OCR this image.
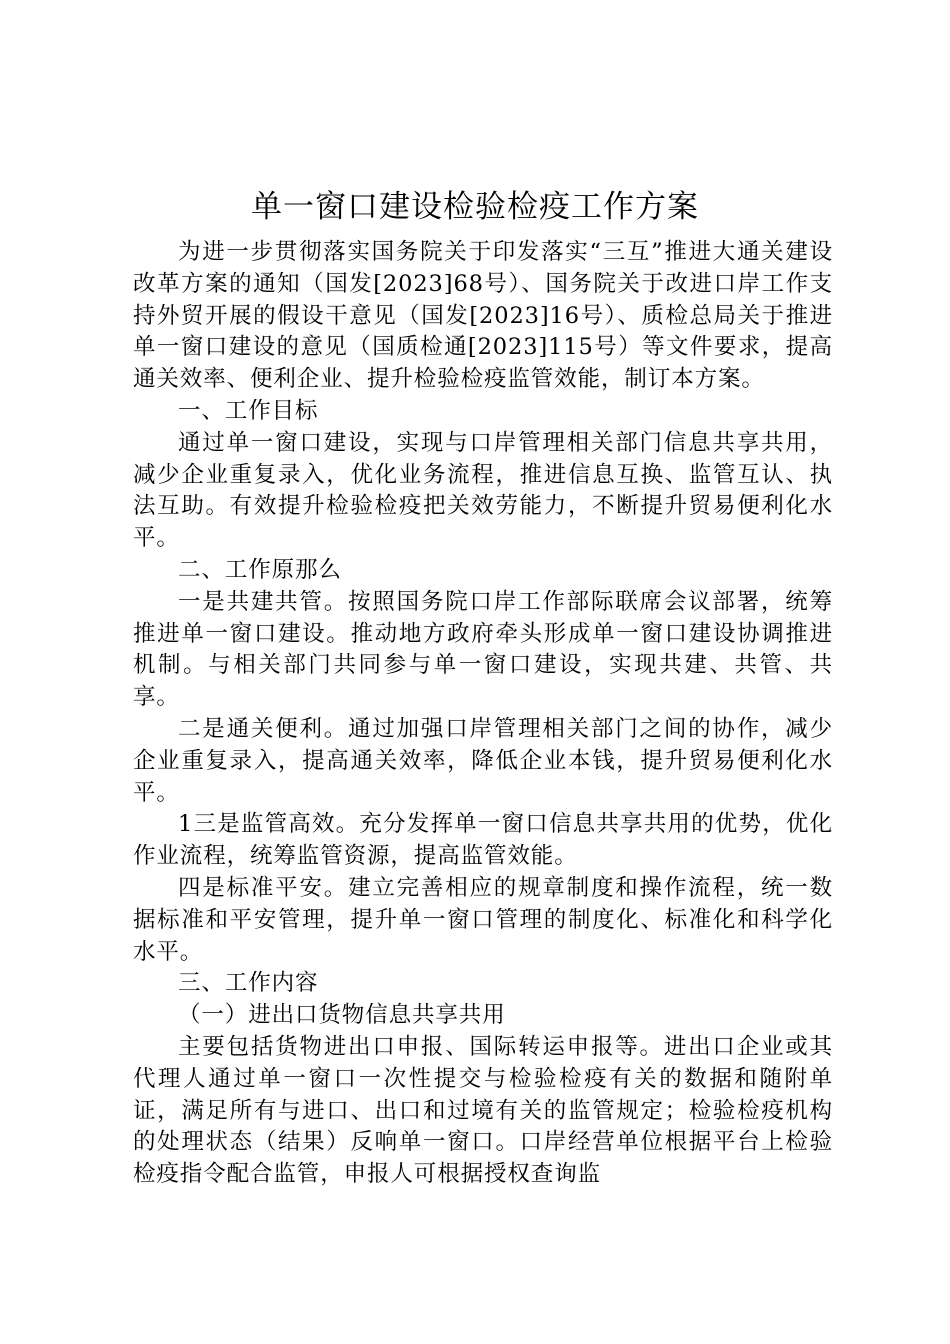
单一窗口建设检验检疫工作方案

为进一步贯彻落实国务院关于印发落实“三互”推进大通关建设改革方案的通知（国发[2023]68号）、国务院关于改进口岸工作支持外贸开展的假设干意见（国发[2023]16号）、质检总局关于推进单一窗口建设的意见（国质检通[2023]115号）等文件要求，提高通关效率、便利企业、提升检验检疫监管效能，制订本方案。

一、工作目标

通过单一窗口建设，实现与口岸管理相关部门信息共享共用，减少企业重复录入，优化业务流程，推进信息互换、监管互认、执法互助。有效提升检验检疫把关效劳能力，不断提升贸易便利化水平。

二、工作原那么

一是共建共管。按照国务院口岸工作部际联席会议部署，统筹推进单一窗口建设。推动地方政府牵头形成单一窗口建设协调推进机制。与相关部门共同参与单一窗口建设，实现共建、共管、共享。

二是通关便利。通过加强口岸管理相关部门之间的协作，减少企业重复录入，提高通关效率，降低企业本钱，提升贸易便利化水平。

1三是监管高效。充分发挥单一窗口信息共享共用的优势，优化作业流程，统筹监管资源，提高监管效能。

四是标准平安。建立完善相应的规章制度和操作流程，统一数据标准和平安管理，提升单一窗口管理的制度化、标准化和科学化水平。

三、工作内容

（一）进出口货物信息共享共用

主要包括货物进出口申报、国际转运申报等。进出口企业或其代理人通过单一窗口一次性提交与检验检疫有关的数据和随附单证，满足所有与进口、出口和过境有关的监管规定；检验检疫机构的处理状态（结果）反响单一窗口。口岸经营单位根据平台上检验检疫指令配合监管，申报人可根据授权查询监
